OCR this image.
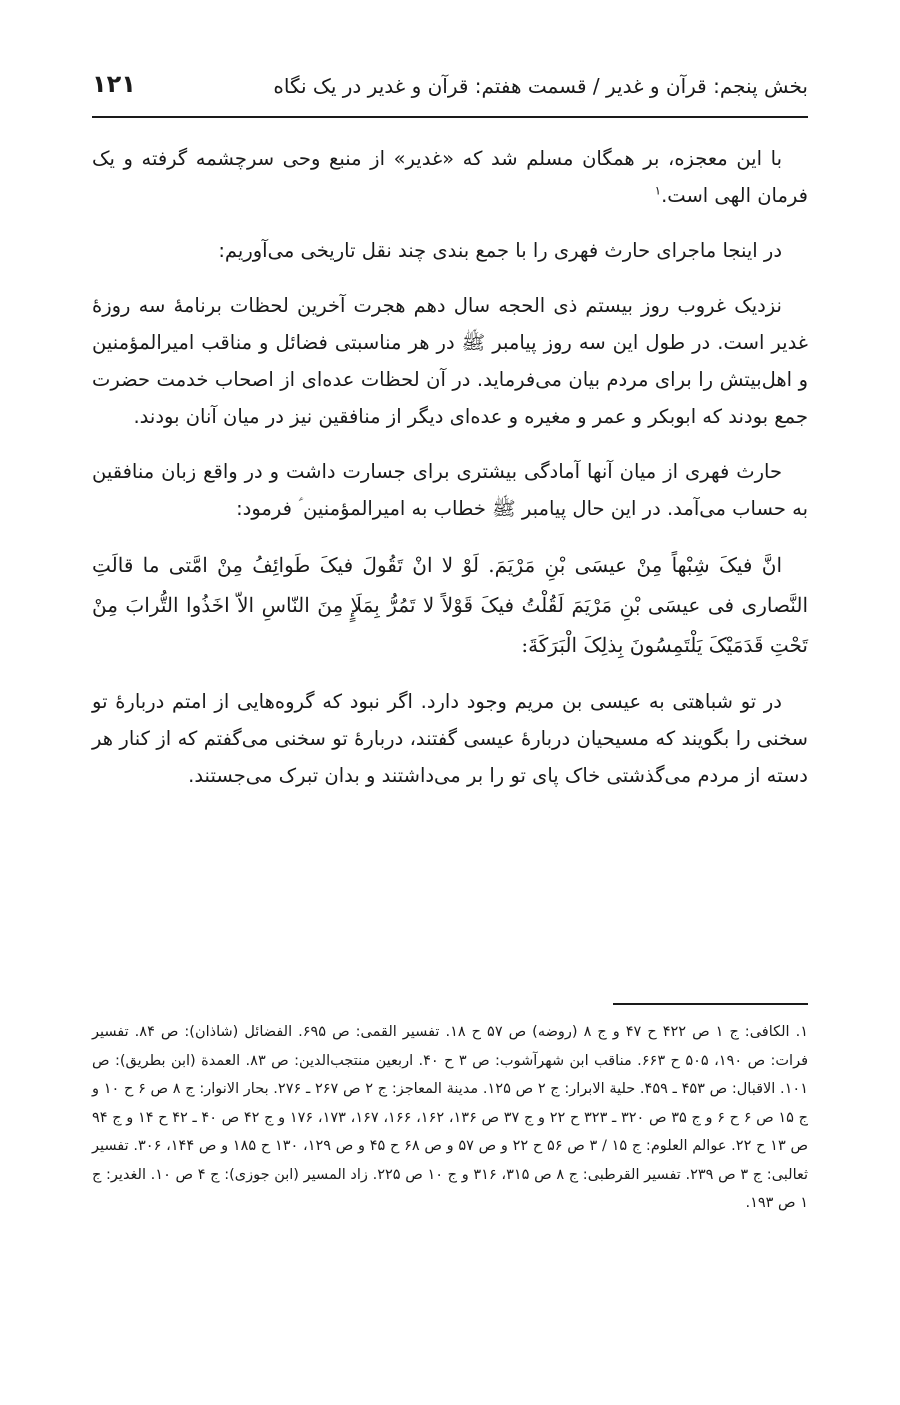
بخش پنجم: قرآن و غدیر / قسمت هفتم: قرآن و غدیر در یک نگاه
۱۲۱

با این معجزه، بر همگان مسلم شد که «غدیر» از منبع وحی سرچشمه گرفته و یک فرمان الهی است.$^۱$

در اینجا ماجرای حارث فهری را با جمع بندی چند نقل تاریخی می‌آوریم:

نزدیک غروب روز بیستم ذی الحجه سال دهم هجرت آخرین لحظات برنامهٔ سه روزهٔ غدیر است. در طول این سه روز پیامبر ﷺ در هر مناسبتی فضائل و مناقب امیرالمؤمنین و اهل‌بیتش را برای مردم بیان می‌فرماید. در آن لحظات عده‌ای از اصحاب خدمت حضرت جمع بودند که ابوبکر و عمر و مغیره و عده‌ای دیگر از منافقین نیز در میان آنان بودند.

حارث فهری از میان آنها آمادگی بیشتری برای جسارت داشت و در واقع زبان منافقین به حساب می‌آمد. در این حال پیامبر ﷺ خطاب به امیرالمؤمنین ؑ فرمود:

انَّ فیکَ شِبْهاً مِنْ عیسَی بْنِ مَرْیَمَ. لَوْ لا انْ تَقُولَ فیکَ طَوائِفُ مِنْ امَّتی ما قالَتِ النَّصاری فی عیسَی بْنِ مَرْیَمَ لَقُلْتُ فیکَ قَوْلاً لا تَمُرُّ بِمَلَإٍ مِنَ النّاسِ الاّ اخَذُوا التُّرابَ مِنْ تَحْتِ قَدَمَیْکَ یَلْتَمِسُونَ بِذلِکَ الْبَرَکَةَ:

در تو شباهتی به عیسی بن مریم وجود دارد. اگر نبود که گروه‌هایی از امتم دربارهٔ تو سخنی را بگویند که مسیحیان دربارهٔ عیسی گفتند، دربارهٔ تو سخنی می‌گفتم که از کنار هر دسته از مردم می‌گذشتی خاک پای تو را بر می‌داشتند و بدان تبرک می‌جستند.

۱. الکافی: ج ۱ ص ۴۲۲ ح ۴۷ و ج ۸ (روضه) ص ۵۷ ح ۱۸. تفسیر القمی: ص ۶۹۵. الفضائل (شاذان): ص ۸۴. تفسیر فرات: ص ۱۹۰، ۵۰۵ ح ۶۶۳. مناقب ابن شهرآشوب: ص ۳ ح ۴۰. اربعین منتجب‌الدین: ص ۸۳. العمدة (ابن بطریق): ص ۱۰۱. الاقبال: ص ۴۵۳ ـ ۴۵۹. حلیة الابرار: ج ۲ ص ۱۲۵. مدینة المعاجز: ج ۲ ص ۲۶۷ ـ ۲۷۶. بحار الانوار: ج ۸ ص ۶ ح ۱۰ و ج ۱۵ ص ۶ ح ۶ و ج ۳۵ ص ۳۲۰ ـ ۳۲۳ ح ۲۲ و ج ۳۷ ص ۱۳۶، ۱۶۲، ۱۶۶، ۱۶۷، ۱۷۳، ۱۷۶ و ج ۴۲ ص ۴۰ ـ ۴۲ ح ۱۴ و ج ۹۴ ص ۱۳ ح ۲۲. عوالم العلوم: ج ۱۵ / ۳ ص ۵۶ ح ۲۲ و ص ۵۷ و ص ۶۸ ح ۴۵ و ص ۱۲۹، ۱۳۰ ح ۱۸۵ و ص ۱۴۴، ۳۰۶. تفسیر ثعالبی: ج ۳ ص ۲۳۹. تفسیر القرطبی: ج ۸ ص ۳۱۵، ۳۱۶ و ج ۱۰ ص ۲۲۵. زاد المسیر (ابن جوزی): ج ۴ ص ۱۰. الغدیر: ج ۱ ص ۱۹۳.
